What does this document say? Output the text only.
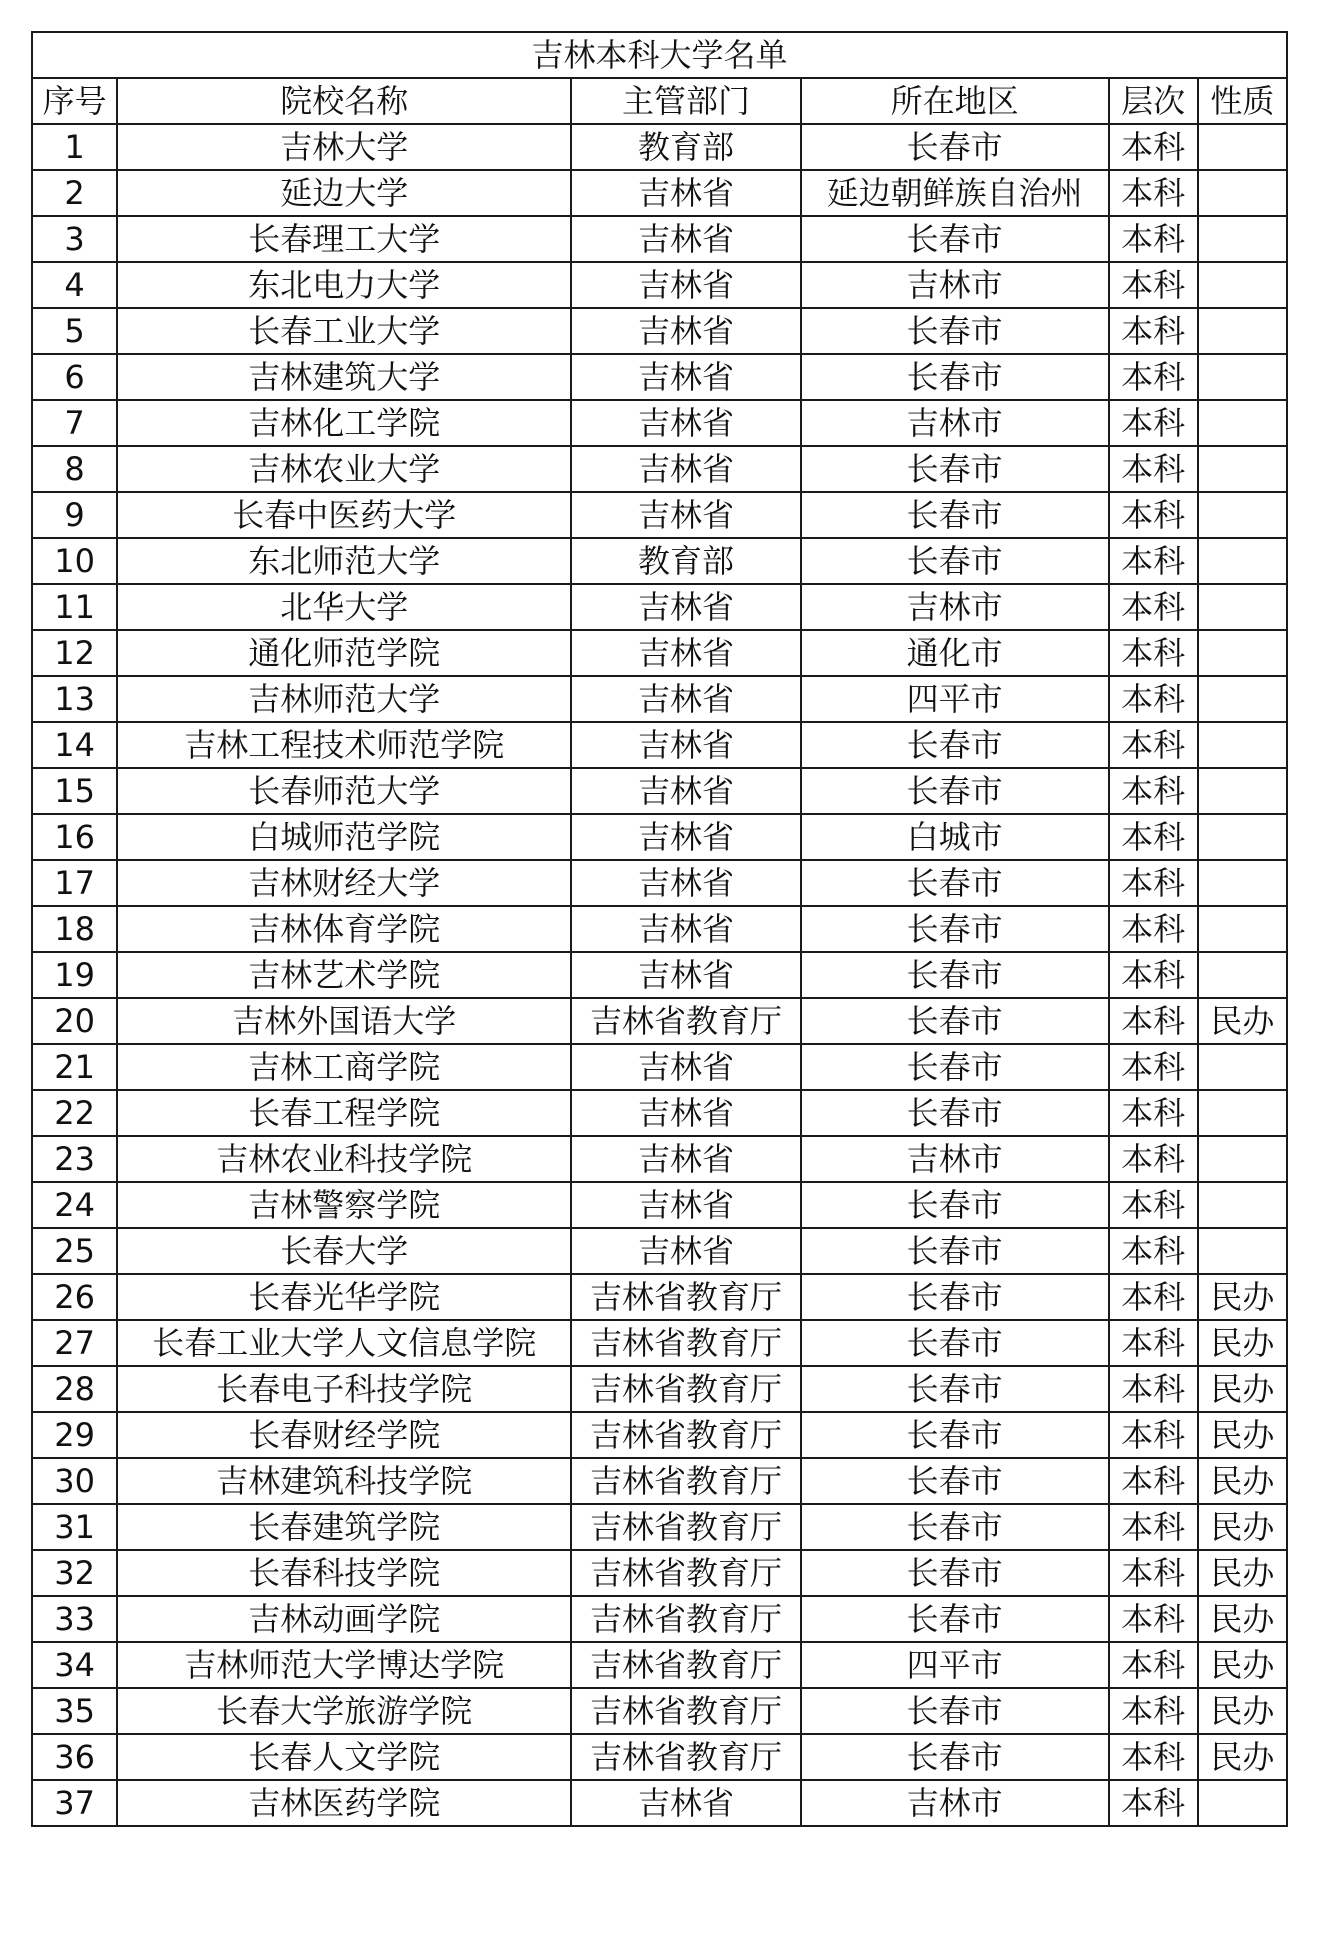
吉林本科大学名单					
序号	院校名称	主管部门	所在地区	层次	性质
1	吉林大学	教育部	长春市	本科	
2	延边大学	吉林省	延边朝鲜族自治州	本科	
3	长春理工大学	吉林省	长春市	本科	
4	东北电力大学	吉林省	吉林市	本科	
5	长春工业大学	吉林省	长春市	本科	
6	吉林建筑大学	吉林省	长春市	本科	
7	吉林化工学院	吉林省	吉林市	本科	
8	吉林农业大学	吉林省	长春市	本科	
9	长春中医药大学	吉林省	长春市	本科	
10	东北师范大学	教育部	长春市	本科	
11	北华大学	吉林省	吉林市	本科	
12	通化师范学院	吉林省	通化市	本科	
13	吉林师范大学	吉林省	四平市	本科	
14	吉林工程技术师范学院	吉林省	长春市	本科	
15	长春师范大学	吉林省	长春市	本科	
16	白城师范学院	吉林省	白城市	本科	
17	吉林财经大学	吉林省	长春市	本科	
18	吉林体育学院	吉林省	长春市	本科	
19	吉林艺术学院	吉林省	长春市	本科	
20	吉林外国语大学	吉林省教育厅	长春市	本科	民办
21	吉林工商学院	吉林省	长春市	本科	
22	长春工程学院	吉林省	长春市	本科	
23	吉林农业科技学院	吉林省	吉林市	本科	
24	吉林警察学院	吉林省	长春市	本科	
25	长春大学	吉林省	长春市	本科	
26	长春光华学院	吉林省教育厅	长春市	本科	民办
27	长春工业大学人文信息学院	吉林省教育厅	长春市	本科	民办
28	长春电子科技学院	吉林省教育厅	长春市	本科	民办
29	长春财经学院	吉林省教育厅	长春市	本科	民办
30	吉林建筑科技学院	吉林省教育厅	长春市	本科	民办
31	长春建筑学院	吉林省教育厅	长春市	本科	民办
32	长春科技学院	吉林省教育厅	长春市	本科	民办
33	吉林动画学院	吉林省教育厅	长春市	本科	民办
34	吉林师范大学博达学院	吉林省教育厅	四平市	本科	民办
35	长春大学旅游学院	吉林省教育厅	长春市	本科	民办
36	长春人文学院	吉林省教育厅	长春市	本科	民办
37	吉林医药学院	吉林省	吉林市	本科	
